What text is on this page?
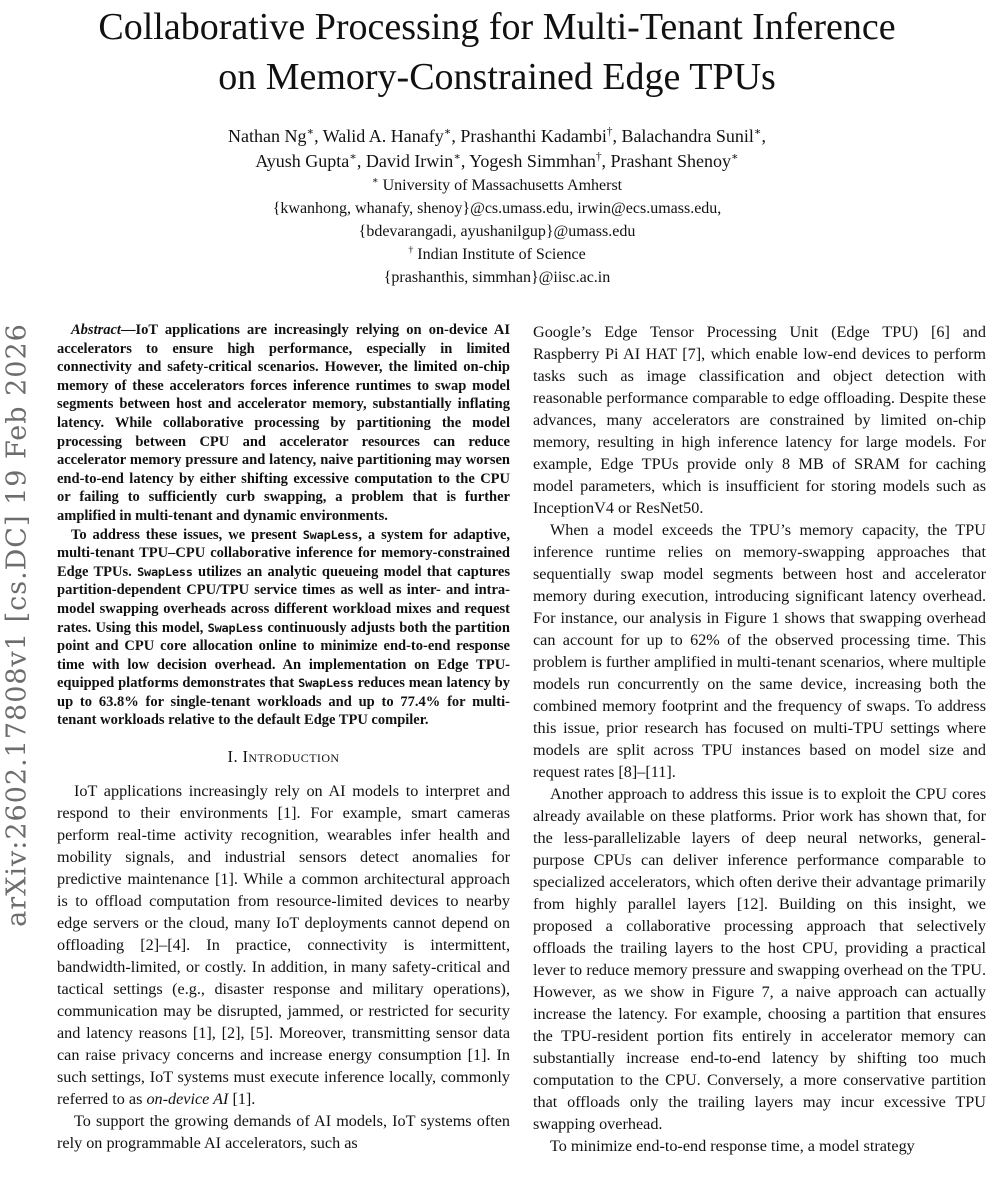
arXiv:2602.17808v1 [cs.DC] 19 Feb 2026
Collaborative Processing for Multi-Tenant Inference
on Memory-Constrained Edge TPUs

Nathan Ng∗, Walid A. Hanafy∗, Prashanthi Kadambi†, Balachandra Sunil∗,

Ayush Gupta∗, David Irwin∗, Yogesh Simmhan†, Prashant Shenoy∗

∗ University of Massachusetts Amherst

{kwanhong, whanafy, shenoy}@cs.umass.edu, irwin@ecs.umass.edu,

{bdevarangadi, ayushanilgup}@umass.edu

† Indian Institute of Science

{prashanthis, simmhan}@iisc.ac.in

Abstract—IoT applications are increasingly relying on on-device AI accelerators to ensure high performance, especially in limited connectivity and safety-critical scenarios. However, the limited on-chip memory of these accelerators forces inference runtimes to swap model segments between host and accelerator memory, substantially inflating latency. While collaborative processing by partitioning the model processing between CPU and accelerator resources can reduce accelerator memory pressure and latency, naive partitioning may worsen end-to-end latency by either shifting excessive computation to the CPU or failing to sufficiently curb swapping, a problem that is further amplified in multi-tenant and dynamic environments.

To address these issues, we present SwapLess, a system for adaptive, multi-tenant TPU–CPU collaborative inference for memory-constrained Edge TPUs. SwapLess utilizes an analytic queueing model that captures partition-dependent CPU/TPU service times as well as inter- and intra-model swapping overheads across different workload mixes and request rates. Using this model, SwapLess continuously adjusts both the partition point and CPU core allocation online to minimize end-to-end response time with low decision overhead. An implementation on Edge TPU-equipped platforms demonstrates that SwapLess reduces mean latency by up to 63.8% for single-tenant workloads and up to 77.4% for multi-tenant workloads relative to the default Edge TPU compiler.

I. Introduction

IoT applications increasingly rely on AI models to interpret and respond to their environments [1]. For example, smart cameras perform real-time activity recognition, wearables infer health and mobility signals, and industrial sensors detect anomalies for predictive maintenance [1]. While a common architectural approach is to offload computation from resource-limited devices to nearby edge servers or the cloud, many IoT deployments cannot depend on offloading [2]–[4]. In practice, connectivity is intermittent, bandwidth-limited, or costly. In addition, in many safety-critical and tactical settings (e.g., disaster response and military operations), communication may be disrupted, jammed, or restricted for security and latency reasons [1], [2], [5]. Moreover, transmitting sensor data can raise privacy concerns and increase energy consumption [1]. In such settings, IoT systems must execute inference locally, commonly referred to as on-device AI [1].

To support the growing demands of AI models, IoT systems often rely on programmable AI accelerators, such as

Google’s Edge Tensor Processing Unit (Edge TPU) [6] and Raspberry Pi AI HAT [7], which enable low-end devices to perform tasks such as image classification and object detection with reasonable performance comparable to edge offloading. Despite these advances, many accelerators are constrained by limited on-chip memory, resulting in high inference latency for large models. For example, Edge TPUs provide only 8 MB of SRAM for caching model parameters, which is insufficient for storing models such as InceptionV4 or ResNet50.

When a model exceeds the TPU’s memory capacity, the TPU inference runtime relies on memory-swapping approaches that sequentially swap model segments between host and accelerator memory during execution, introducing significant latency overhead. For instance, our analysis in Figure 1 shows that swapping overhead can account for up to 62% of the observed processing time. This problem is further amplified in multi-tenant scenarios, where multiple models run concurrently on the same device, increasing both the combined memory footprint and the frequency of swaps. To address this issue, prior research has focused on multi-TPU settings where models are split across TPU instances based on model size and request rates [8]–[11].

Another approach to address this issue is to exploit the CPU cores already available on these platforms. Prior work has shown that, for the less-parallelizable layers of deep neural networks, general-purpose CPUs can deliver inference performance comparable to specialized accelerators, which often derive their advantage primarily from highly parallel layers [12]. Building on this insight, we proposed a collaborative processing approach that selectively offloads the trailing layers to the host CPU, providing a practical lever to reduce memory pressure and swapping overhead on the TPU. However, as we show in Figure 7, a naive approach can actually increase the latency. For example, choosing a partition that ensures the TPU-resident portion fits entirely in accelerator memory can substantially increase end-to-end latency by shifting too much computation to the CPU. Conversely, a more conservative partition that offloads only the trailing layers may incur excessive TPU swapping overhead.

To minimize end-to-end response time, a model strategy
